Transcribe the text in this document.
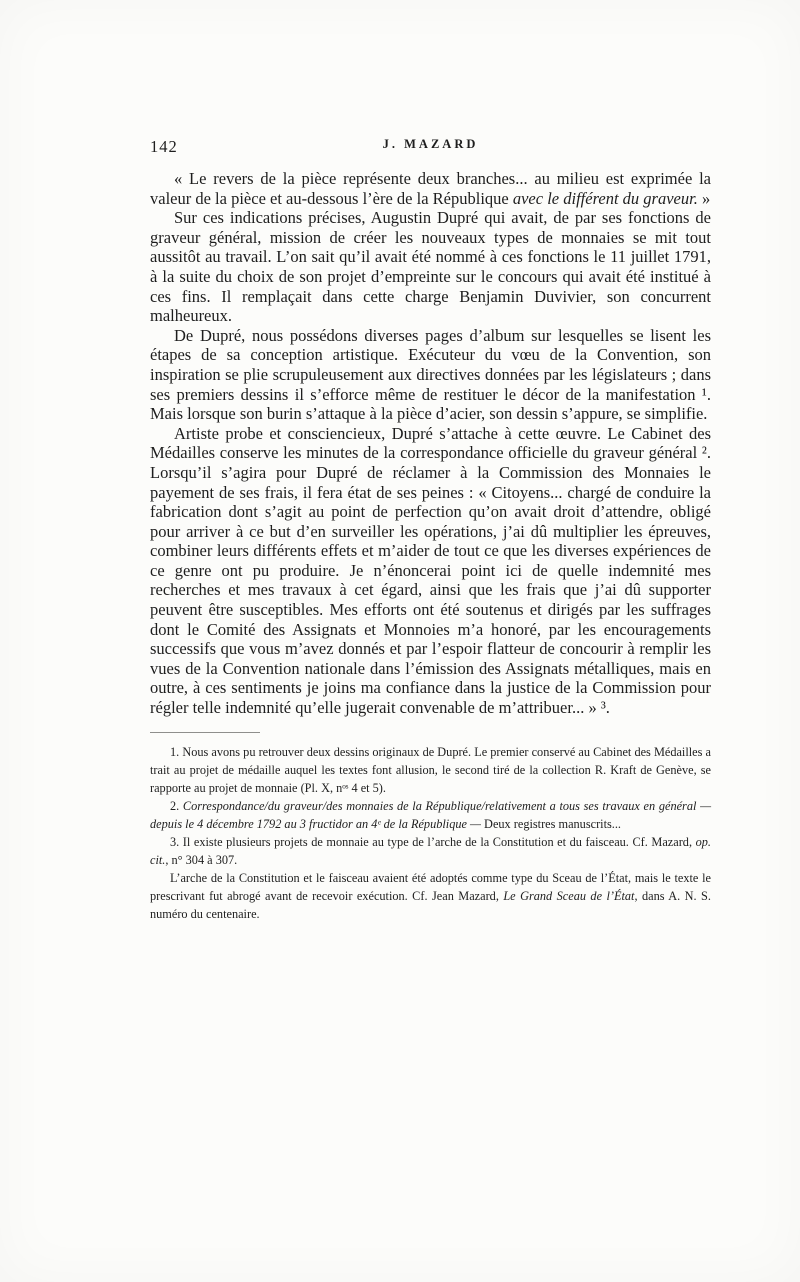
142	J. MAZARD

« Le revers de la pièce représente deux branches... au milieu est exprimée la valeur de la pièce et au-dessous l’ère de la République avec le différent du graveur. »

Sur ces indications précises, Augustin Dupré qui avait, de par ses fonctions de graveur général, mission de créer les nouveaux types de monnaies se mit tout aussitôt au travail. L’on sait qu’il avait été nommé à ces fonctions le 11 juillet 1791, à la suite du choix de son projet d’empreinte sur le concours qui avait été institué à ces fins. Il remplaçait dans cette charge Benjamin Duvivier, son concurrent malheureux.

De Dupré, nous possédons diverses pages d’album sur lesquelles se lisent les étapes de sa conception artistique. Exécuteur du vœu de la Convention, son inspiration se plie scrupuleusement aux directives données par les législateurs ; dans ses premiers dessins il s’efforce même de restituer le décor de la manifestation ¹. Mais lorsque son burin s’attaque à la pièce d’acier, son dessin s’appure, se simplifie.

Artiste probe et consciencieux, Dupré s’attache à cette œuvre. Le Cabinet des Médailles conserve les minutes de la correspondance officielle du graveur général ². Lorsqu’il s’agira pour Dupré de réclamer à la Commission des Monnaies le payement de ses frais, il fera état de ses peines : « Citoyens... chargé de conduire la fabrication dont s’agit au point de perfection qu’on avait droit d’attendre, obligé pour arriver à ce but d’en surveiller les opérations, j’ai dû multiplier les épreuves, combiner leurs différents effets et m’aider de tout ce que les diverses expériences de ce genre ont pu produire. Je n’énoncerai point ici de quelle indemnité mes recherches et mes travaux à cet égard, ainsi que les frais que j’ai dû supporter peuvent être susceptibles. Mes efforts ont été soutenus et dirigés par les suffrages dont le Comité des Assignats et Monnoies m’a honoré, par les encouragements successifs que vous m’avez donnés et par l’espoir flatteur de concourir à remplir les vues de la Convention nationale dans l’émission des Assignats métalliques, mais en outre, à ces sentiments je joins ma confiance dans la justice de la Commission pour régler telle indemnité qu’elle jugerait convenable de m’attribuer... » ³.

1. Nous avons pu retrouver deux dessins originaux de Dupré. Le premier conservé au Cabinet des Médailles a trait au projet de médaille auquel les textes font allusion, le second tiré de la collection R. Kraft de Genève, se rapporte au projet de monnaie (Pl. X, nᵒˢ 4 et 5).

2. Correspondance/du graveur/des monnaies de la République/relativement a tous ses travaux en général — depuis le 4 décembre 1792 au 3 fructidor an 4ᵉ de la République — Deux registres manuscrits...

3. Il existe plusieurs projets de monnaie au type de l’arche de la Constitution et du faisceau. Cf. Mazard, op. cit., n° 304 à 307.

L’arche de la Constitution et le faisceau avaient été adoptés comme type du Sceau de l’État, mais le texte le prescrivant fut abrogé avant de recevoir exécution. Cf. Jean Mazard, Le Grand Sceau de l’État, dans A. N. S. numéro du centenaire.
